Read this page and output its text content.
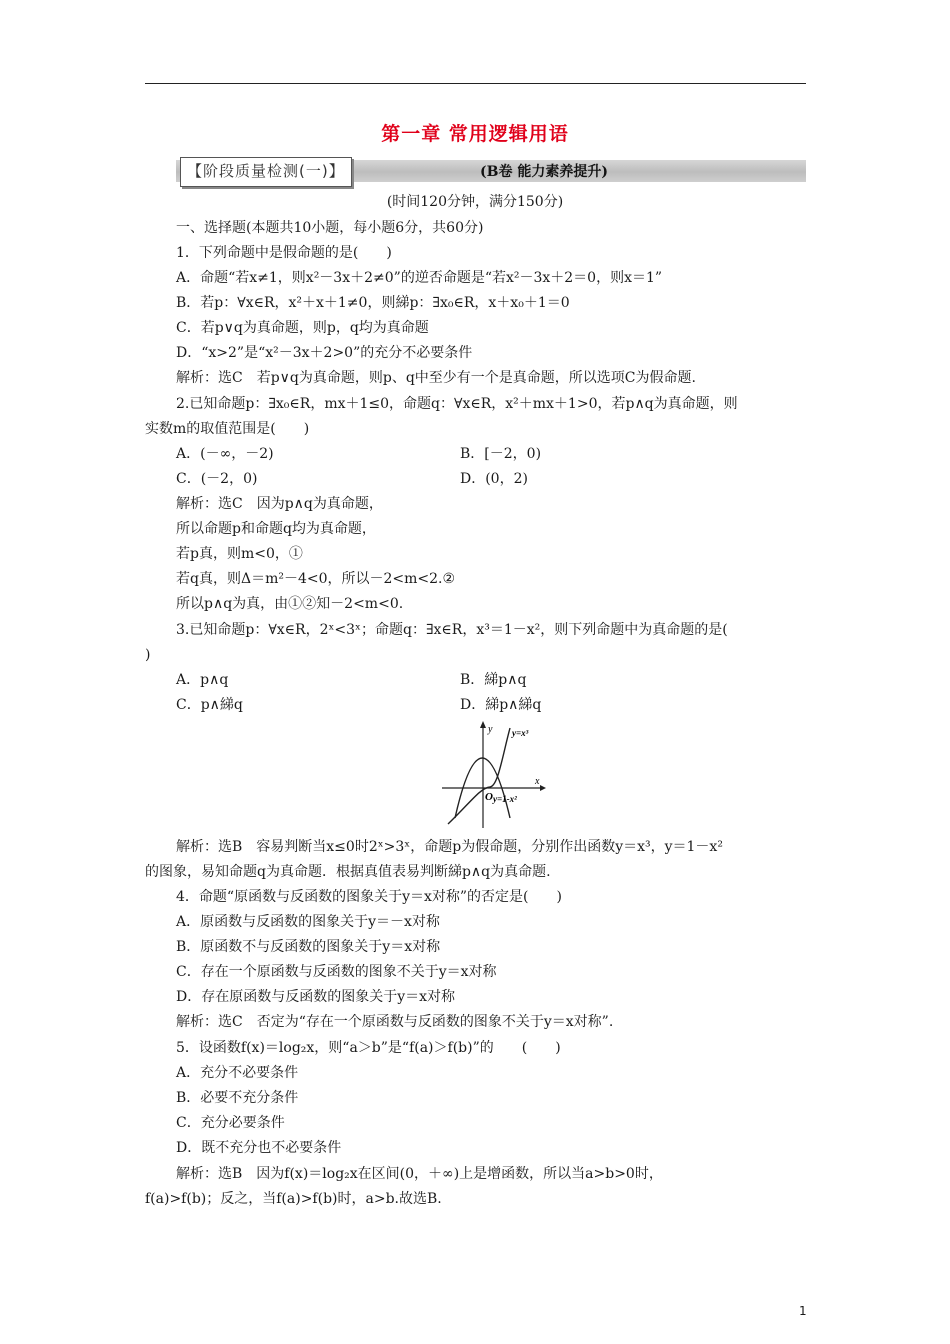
第一章 常用逻辑用语
【阶段质量检测(一)】	(B卷 能力素养提升)
(时间120分钟，满分150分)
一、选择题(本题共10小题，每小题6分，共60分)
1．下列命题中是假命题的是(　　)
A．命题“若x≠1，则x²－3x＋2≠0”的逆否命题是“若x²－3x＋2＝0，则x＝1”
B．若p：∀x∈R，x²＋x＋1≠0，则綈p：∃x₀∈R，x＋x₀＋1＝0
C．若p∨q为真命题，则p，q均为真命题
D．“x>2”是“x²－3x＋2>0”的充分不必要条件
解析：选C　若p∨q为真命题，则p、q中至少有一个是真命题，所以选项C为假命题.
2.已知命题p：∃x₀∈R，mx＋1≤0，命题q：∀x∈R，x²＋mx＋1>0，若p∧q为真命题，则
实数m的取值范围是(　　)
A．(－∞，－2)	B．[－2，0)
C．(－2，0)	D．(0，2)
解析：选C　因为p∧q为真命题，
所以命题p和命题q均为真命题，
若p真，则m<0，①
若q真，则Δ＝m²－4<0，所以－2<m<2.②
所以p∧q为真，由①②知－2<m<0.
3.已知命题p：∀x∈R，2ˣ<3ˣ；命题q：∃x∈R，x³＝1－x²，则下列命题中为真命题的是(
)
A．p∧q	B．綈p∧q
C．p∧綈q	D．綈p∧綈q
y
x
O
y=x³
y=1-x²
解析：选B　容易判断当x≤0时2ˣ>3ˣ，命题p为假命题，分别作出函数y＝x³，y＝1－x²
的图象，易知命题q为真命题．根据真值表易判断綈p∧q为真命题.
4．命题“原函数与反函数的图象关于y＝x对称”的否定是(　　)
A．原函数与反函数的图象关于y＝－x对称
B．原函数不与反函数的图象关于y＝x对称
C．存在一个原函数与反函数的图象不关于y＝x对称
D．存在原函数与反函数的图象关于y＝x对称
解析：选C　否定为“存在一个原函数与反函数的图象不关于y＝x对称”.
5．设函数f(x)＝log₂x，则“a＞b”是“f(a)＞f(b)”的　　(　　)
A．充分不必要条件
B．必要不充分条件
C．充分必要条件
D．既不充分也不必要条件
解析：选B　因为f(x)＝log₂x在区间(0，＋∞)上是增函数，所以当a>b>0时，
f(a)>f(b)；反之，当f(a)>f(b)时，a>b.故选B.
1
